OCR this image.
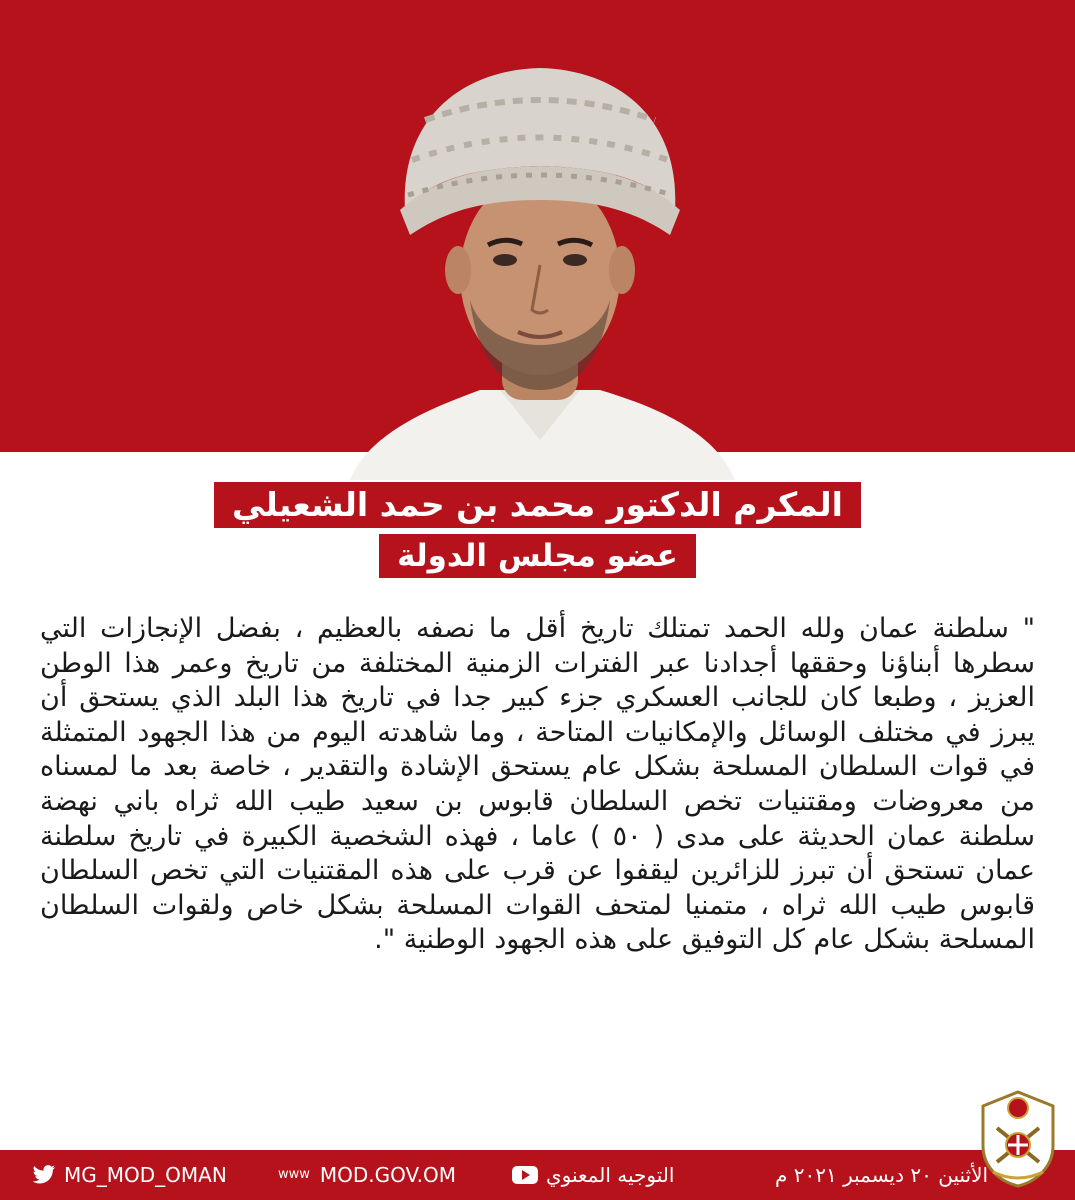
المكرم الدكتور محمد بن حمد الشعيلي
عضو مجلس الدولة
" سلطنة عمان ولله الحمد تمتلك تاريخ أقل ما نصفه بالعظيم ، بفضل الإنجازات التي سطرها أبناؤنا وحققها أجدادنا عبر الفترات الزمنية المختلفة من تاريخ وعمر هذا الوطن العزيز ، وطبعا كان للجانب العسكري جزء كبير جدا في تاريخ هذا البلد الذي يستحق أن يبرز في مختلف الوسائل والإمكانيات المتاحة ، وما شاهدته اليوم من هذا الجهود المتمثلة في قوات السلطان المسلحة بشكل عام يستحق الإشادة والتقدير ، خاصة بعد ما لمسناه من معروضات ومقتنيات تخص السلطان قابوس بن سعيد طيب الله ثراه باني نهضة سلطنة عمان الحديثة على مدى ( ٥٠ ) عاما ، فهذه الشخصية الكبيرة في تاريخ سلطنة عمان تستحق أن تبرز للزائرين ليقفوا عن قرب على هذه المقتنيات التي تخص السلطان قابوس طيب الله ثراه ، متمنيا لمتحف القوات المسلحة بشكل خاص ولقوات السلطان المسلحة بشكل عام كل التوفيق على هذه الجهود الوطنية ".
MG_MOD_OMAN	www MOD.GOV.OM	التوجيه المعنوي	الأثنين ٢٠ ديسمبر ٢٠٢١ م
